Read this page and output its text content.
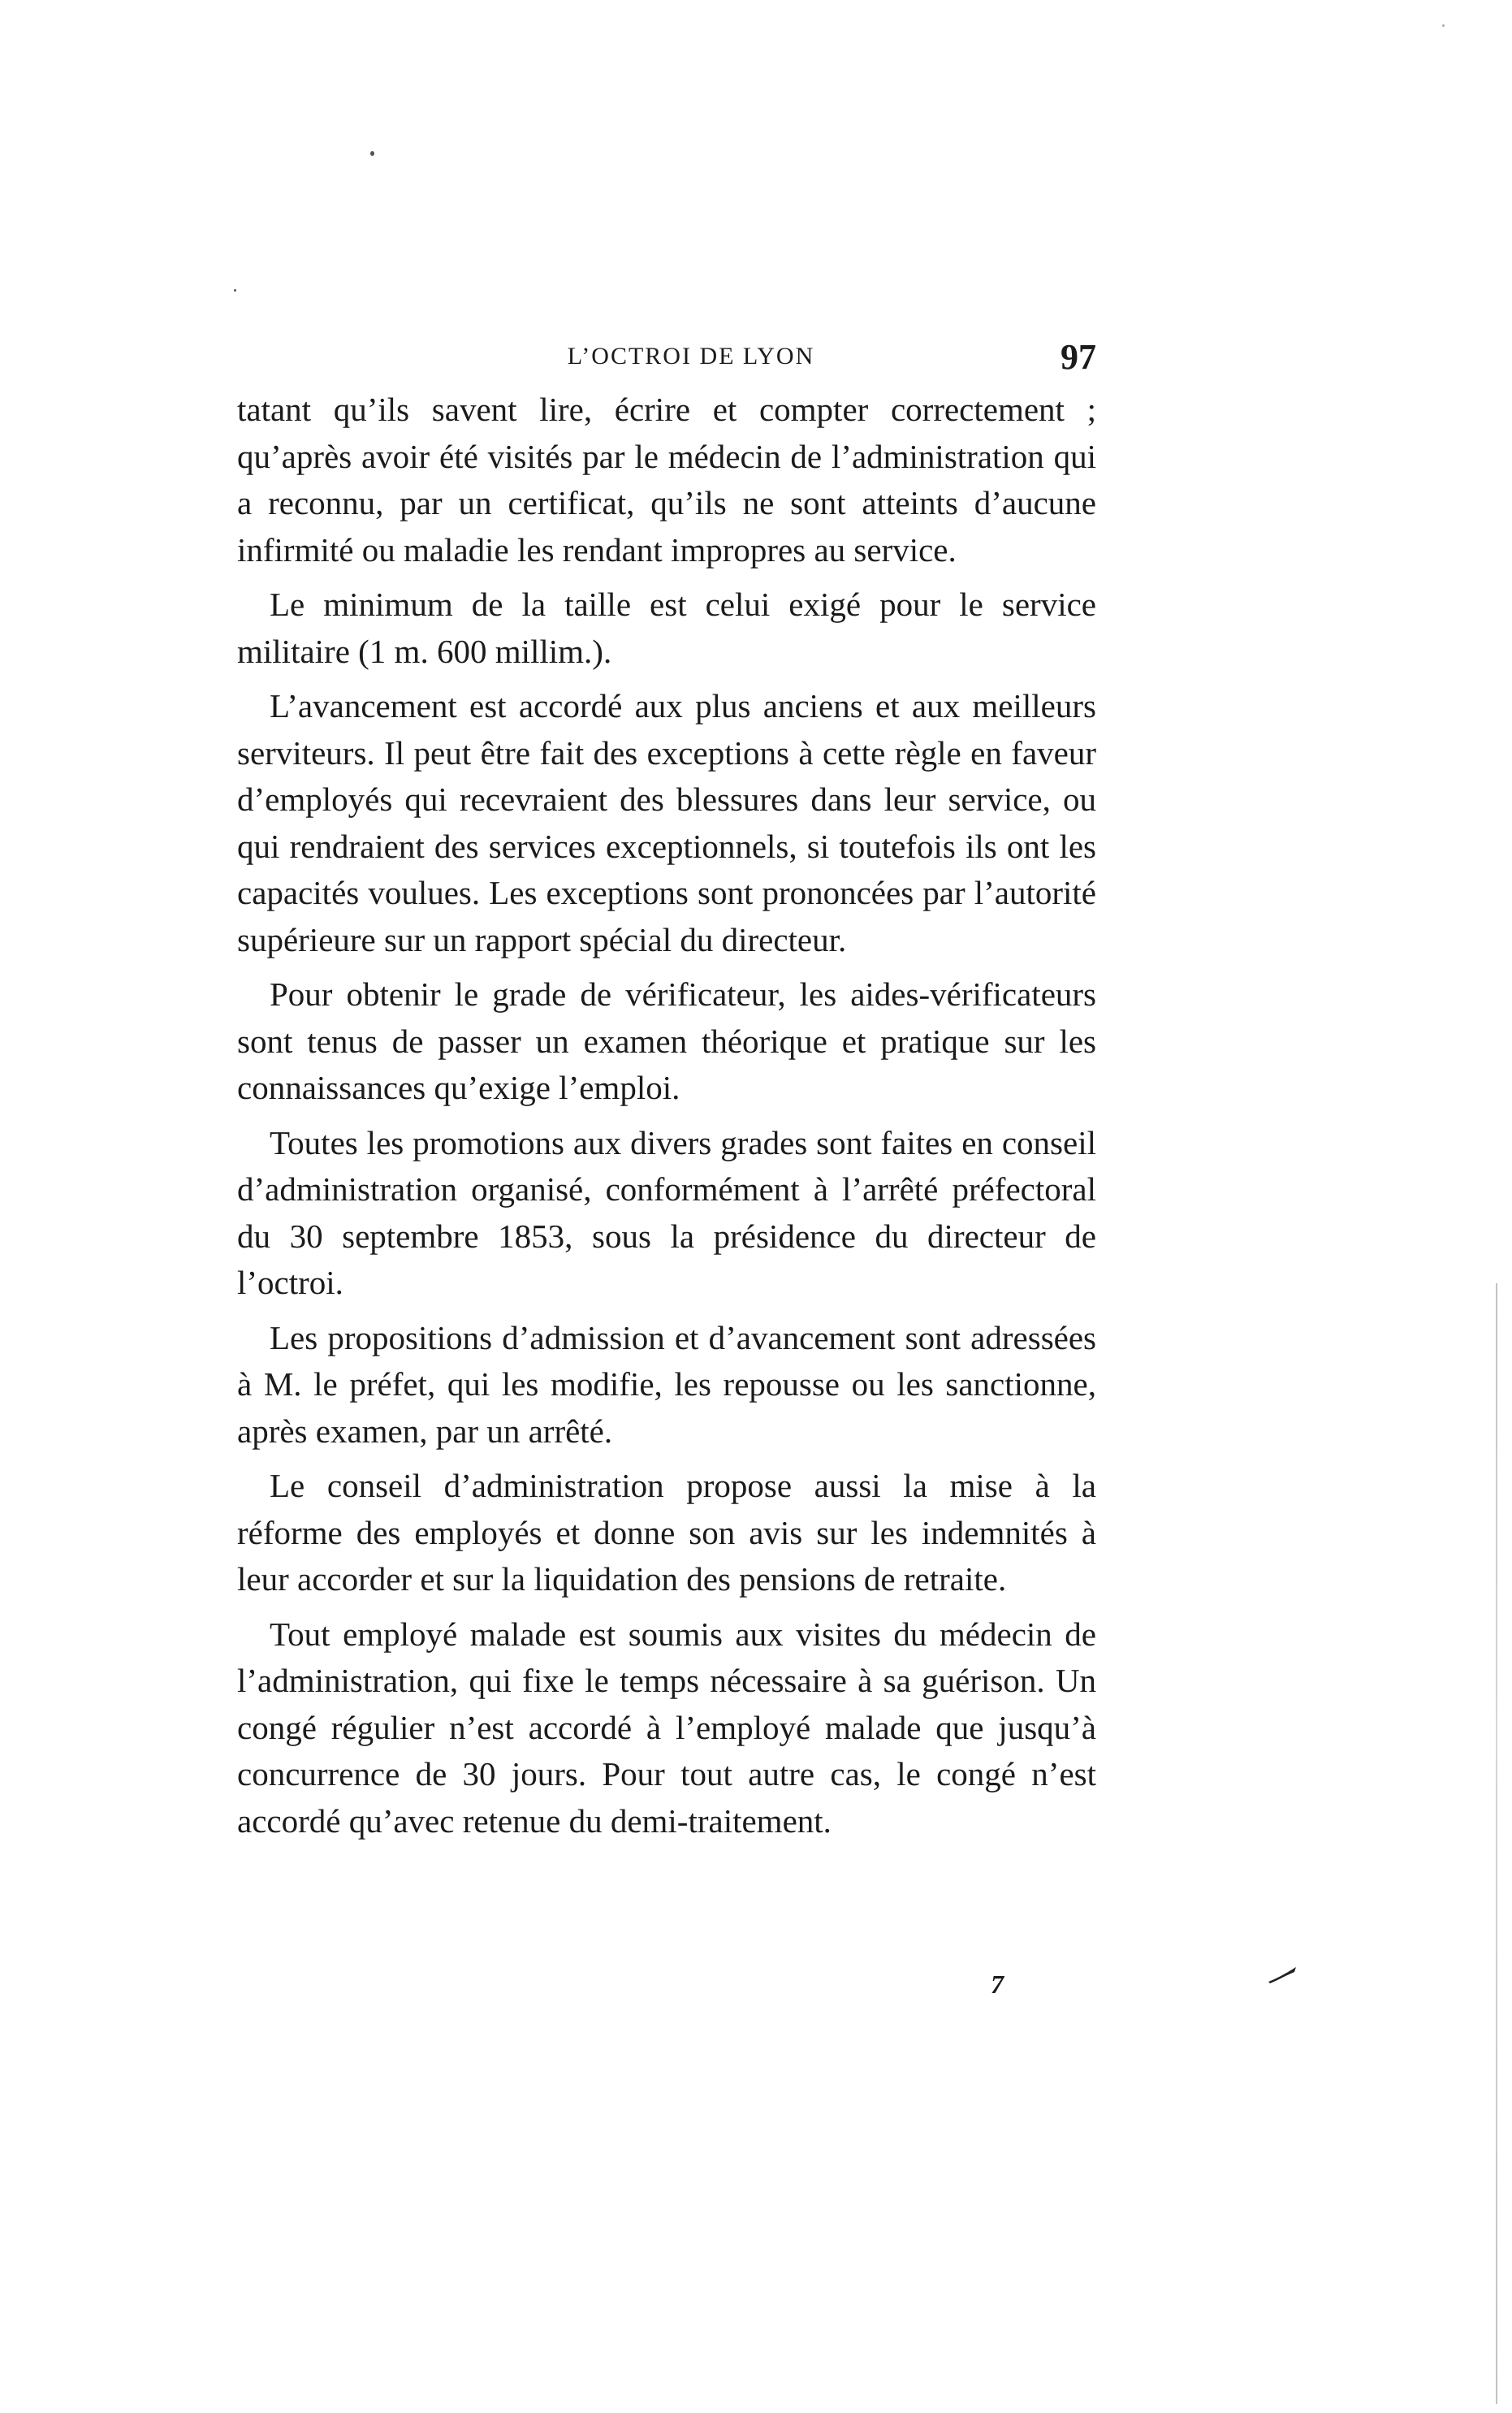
L’OCTROI DE LYON	97

tatant qu’ils savent lire, écrire et compter correctement ; qu’après avoir été visités par le médecin de l’administration qui a reconnu, par un certificat, qu’ils ne sont atteints d’aucune infirmité ou maladie les rendant impropres au service.

Le minimum de la taille est celui exigé pour le service militaire (1 m. 600 millim.).

L’avancement est accordé aux plus anciens et aux meilleurs serviteurs. Il peut être fait des exceptions à cette règle en faveur d’employés qui recevraient des blessures dans leur service, ou qui rendraient des services exceptionnels, si toutefois ils ont les capacités voulues. Les exceptions sont prononcées par l’autorité supérieure sur un rapport spécial du directeur.

Pour obtenir le grade de vérificateur, les aides-vérificateurs sont tenus de passer un examen théorique et pratique sur les connaissances qu’exige l’emploi.

Toutes les promotions aux divers grades sont faites en conseil d’administration organisé, conformément à l’arrêté préfectoral du 30 septembre 1853, sous la présidence du directeur de l’octroi.

Les propositions d’admission et d’avancement sont adressées à M. le préfet, qui les modifie, les repousse ou les sanctionne, après examen, par un arrêté.

Le conseil d’administration propose aussi la mise à la réforme des employés et donne son avis sur les indemnités à leur accorder et sur la liquidation des pensions de retraite.

Tout employé malade est soumis aux visites du médecin de l’administration, qui fixe le temps nécessaire à sa guérison. Un congé régulier n’est accordé à l’employé malade que jusqu’à concurrence de 30 jours. Pour tout autre cas, le congé n’est accordé qu’avec retenue du demi-traitement.

7
